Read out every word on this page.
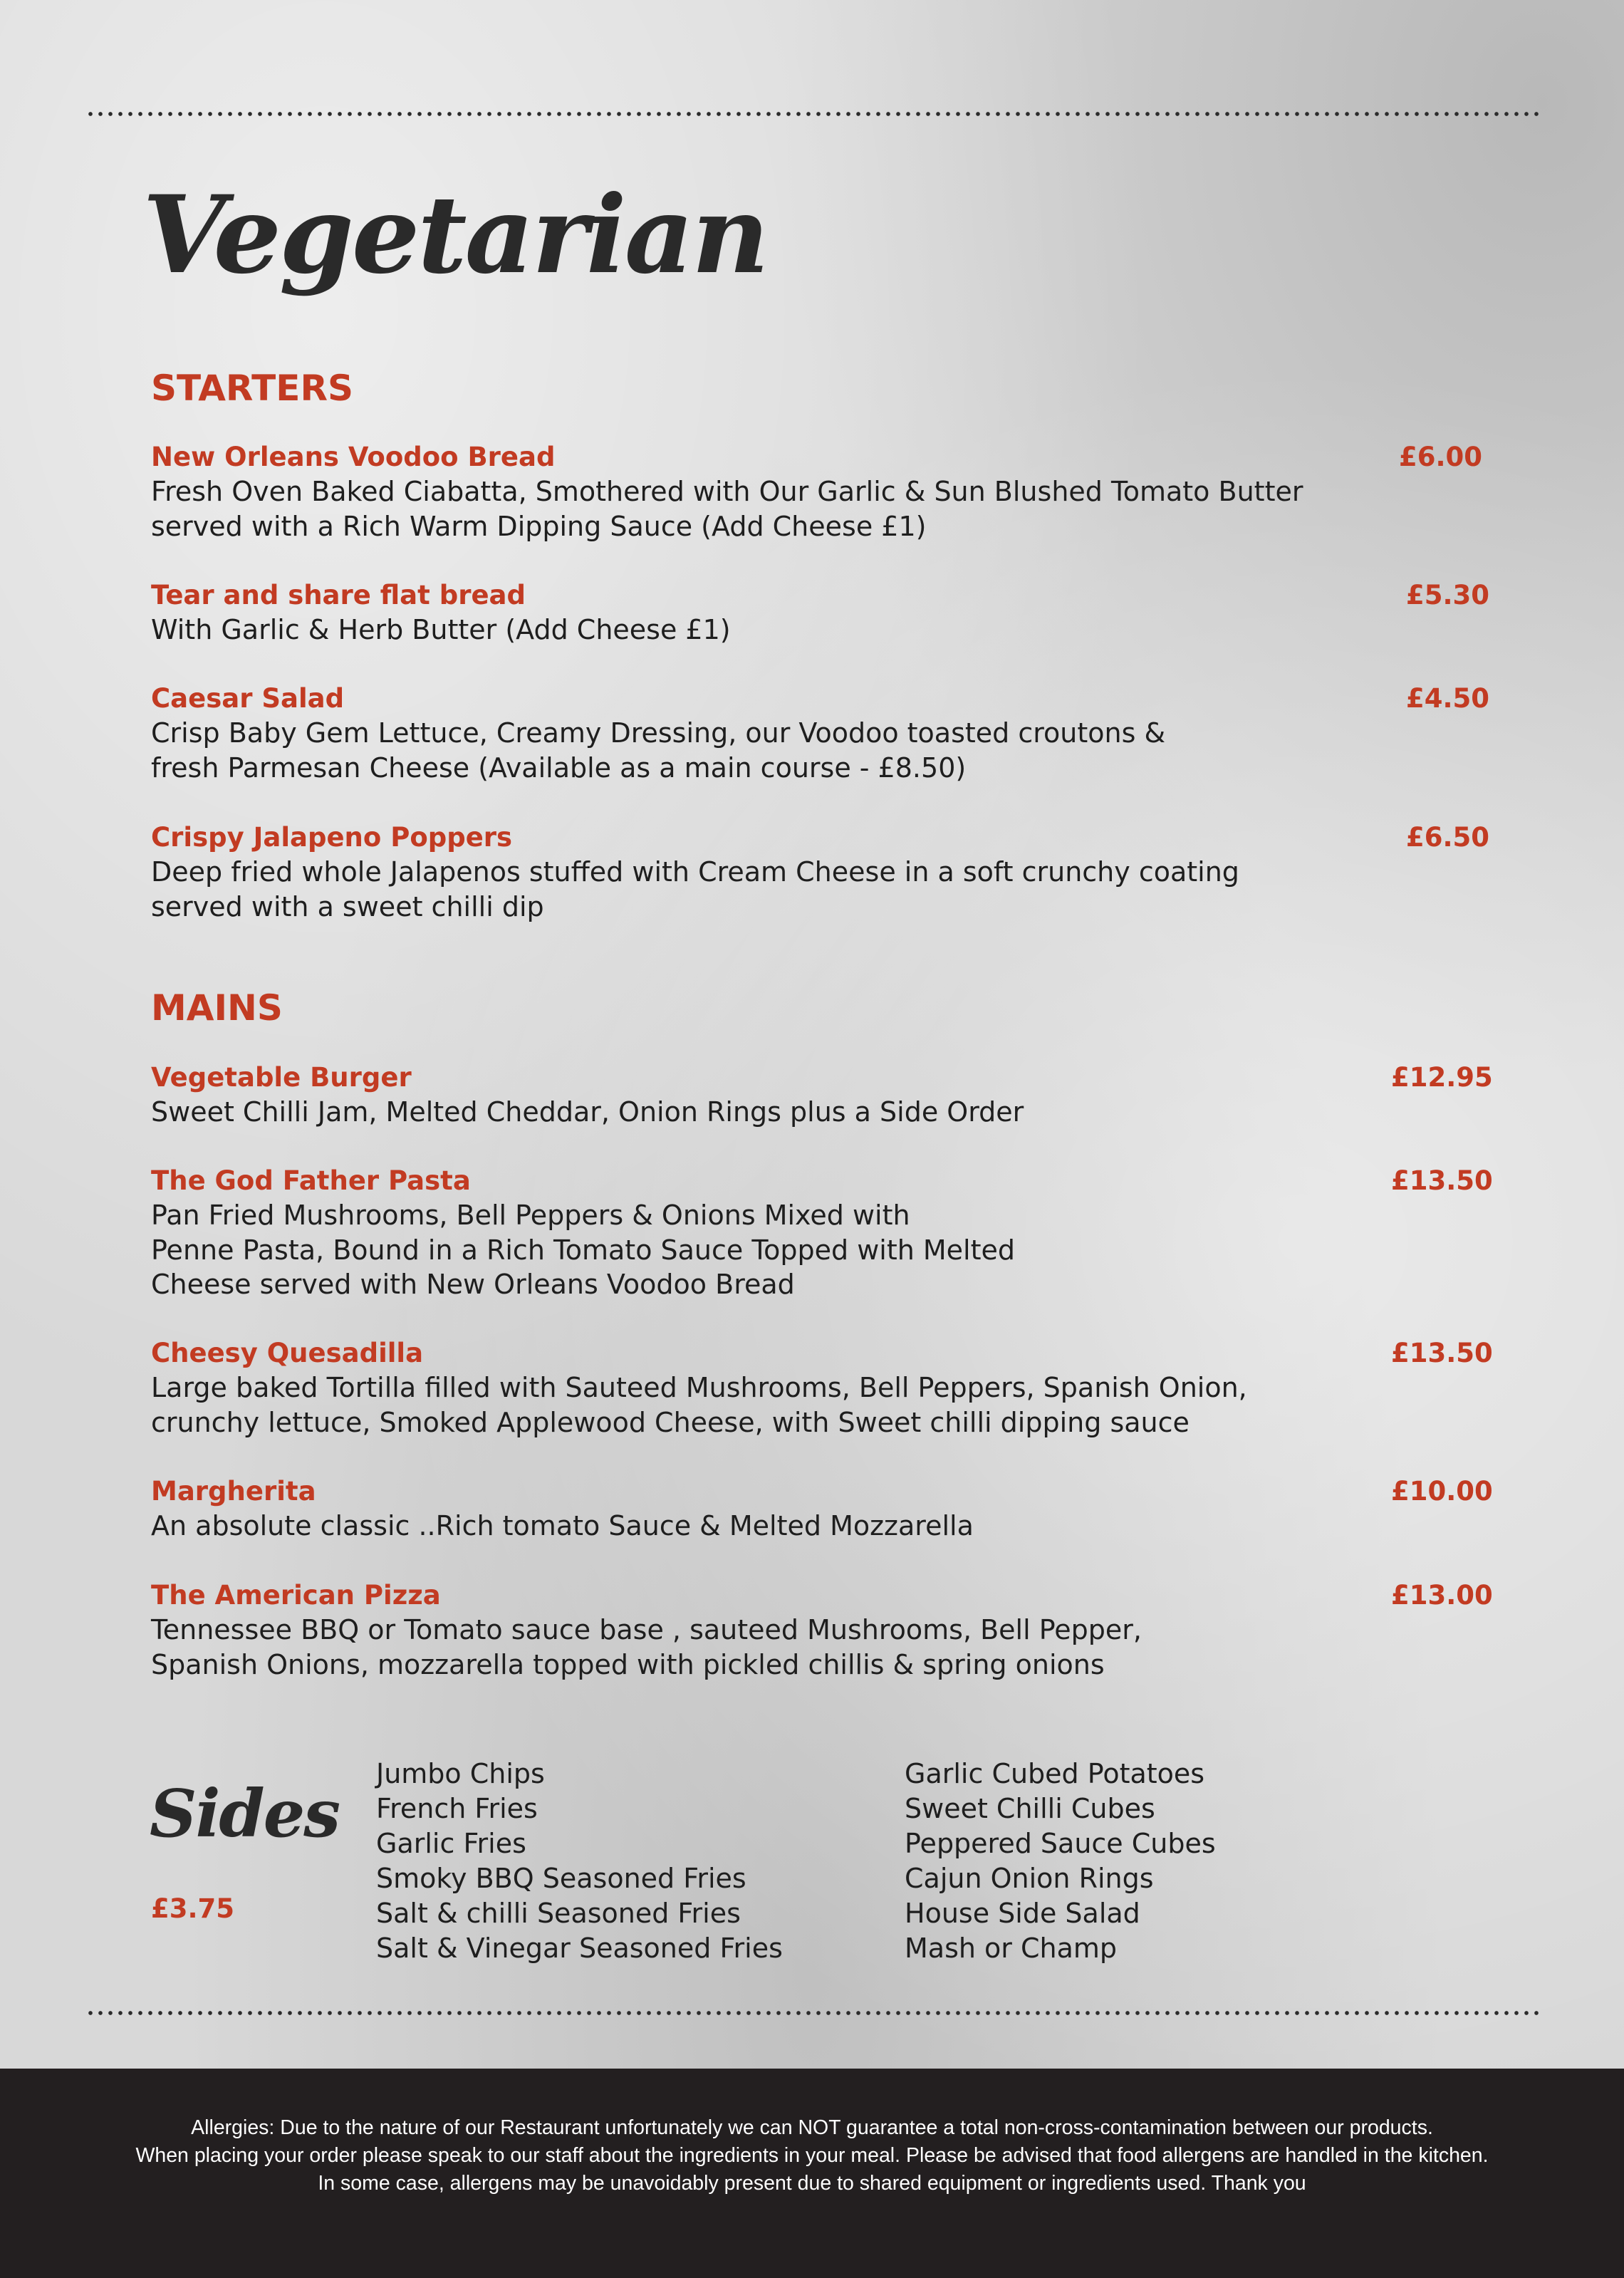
Vegetarian
STARTERS
New Orleans Voodoo Bread	£6.00
Fresh Oven Baked Ciabatta, Smothered with Our Garlic & Sun Blushed Tomato Butter
served with a Rich Warm Dipping Sauce (Add Cheese £1)
Tear and share flat bread	£5.30
With Garlic & Herb Butter (Add Cheese £1)
Caesar Salad	£4.50
Crisp Baby Gem Lettuce, Creamy Dressing, our Voodoo toasted croutons &
fresh Parmesan Cheese (Available as a main course - £8.50)
Crispy Jalapeno Poppers	£6.50
Deep fried whole Jalapenos stuffed with Cream Cheese in a soft crunchy coating
served with a sweet chilli dip
MAINS
Vegetable Burger	£12.95
Sweet Chilli Jam, Melted Cheddar, Onion Rings plus a Side Order
The God Father Pasta	£13.50
Pan Fried Mushrooms, Bell Peppers & Onions Mixed with
Penne Pasta, Bound in a Rich Tomato Sauce Topped with Melted
Cheese served with New Orleans Voodoo Bread
Cheesy Quesadilla	£13.50
Large baked Tortilla filled with Sauteed Mushrooms, Bell Peppers, Spanish Onion,
crunchy lettuce, Smoked Applewood Cheese, with Sweet chilli dipping sauce
Margherita	£10.00
An absolute classic ..Rich tomato Sauce & Melted Mozzarella
The American Pizza	£13.00
Tennessee BBQ or Tomato sauce base , sauteed Mushrooms, Bell Pepper,
Spanish Onions, mozzarella topped with pickled chillis & spring onions
Sides
£3.75
Jumbo Chips
French Fries
Garlic Fries
Smoky BBQ Seasoned Fries
Salt & chilli Seasoned Fries
Salt & Vinegar Seasoned Fries
Garlic Cubed Potatoes
Sweet Chilli Cubes
Peppered Sauce Cubes
Cajun Onion Rings
House Side Salad
Mash or Champ
Allergies: Due to the nature of our Restaurant unfortunately we can NOT guarantee a total non-cross-contamination between our products.
When placing your order please speak to our staff about the ingredients in your meal. Please be advised that food allergens are handled in the kitchen.
In some case, allergens may be unavoidably present due to shared equipment or ingredients used. Thank you
